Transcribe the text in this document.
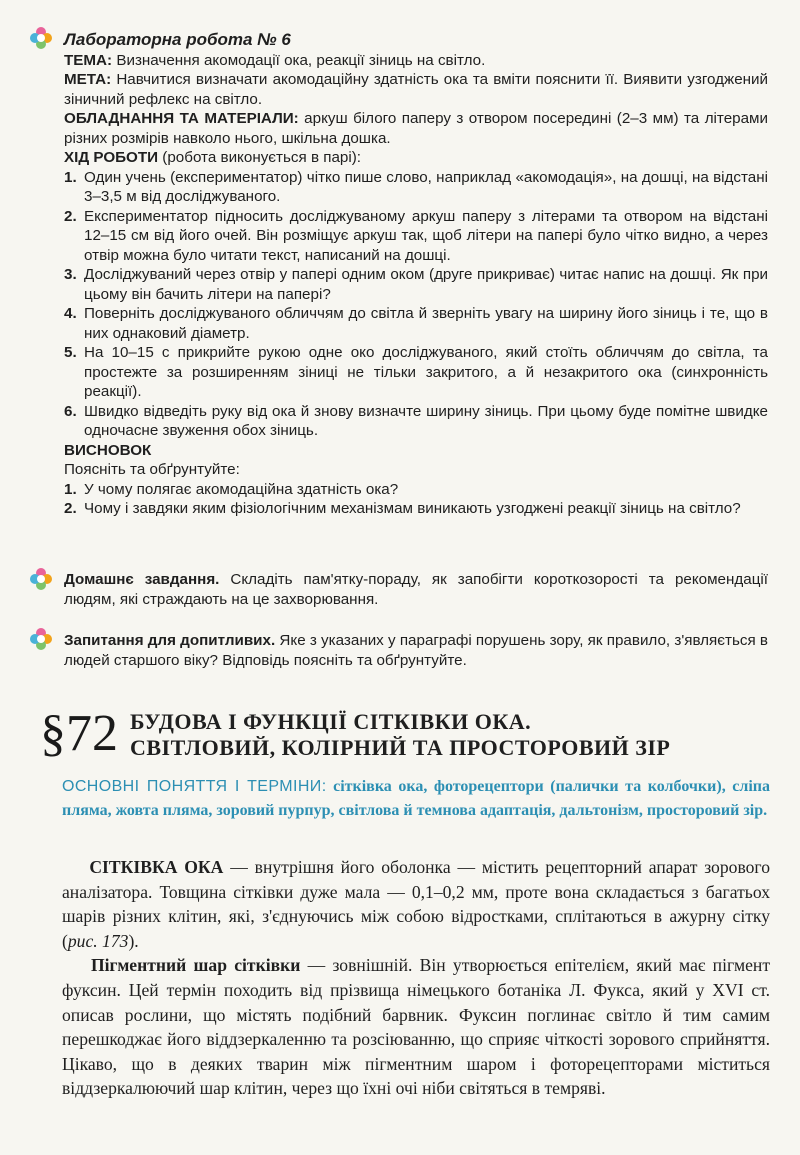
Лабораторна робота № 6

ТЕМА: Визначення акомодації ока, реакції зіниць на світло.

МЕТА: Навчитися визначати акомодаційну здатність ока та вміти пояснити її. Виявити узгоджений зіничний рефлекс на світло.

ОБЛАДНАННЯ ТА МАТЕРІАЛИ: аркуш білого паперу з отвором посередині (2–3 мм) та літерами різних розмірів навколо нього, шкільна дошка.

ХІД РОБОТИ (робота виконується в парі):

1. Один учень (експериментатор) чітко пише слово, наприклад «акомодація», на дошці, на відстані 3–3,5 м від досліджуваного.
2. Експериментатор підносить досліджуваному аркуш паперу з літерами та отвором на відстані 12–15 см від його очей. Він розміщує аркуш так, щоб літери на папері було чітко видно, а через отвір можна було читати текст, написаний на дошці.
3. Досліджуваний через отвір у папері одним оком (друге прикриває) читає напис на дошці. Як при цьому він бачить літери на папері?
4. Поверніть досліджуваного обличчям до світла й зверніть увагу на ширину його зіниць і те, що в них однаковий діаметр.
5. На 10–15 с прикрийте рукою одне око досліджуваного, який стоїть обличчям до світла, та простежте за розширенням зіниці не тільки закритого, а й незакритого ока (синхронність реакції).
6. Швидко відведіть руку від ока й знову визначте ширину зіниць. При цьому буде помітне швидке одночасне звуження обох зіниць.

ВИСНОВОК

Поясніть та обґрунтуйте:

1. У чому полягає акомодаційна здатність ока?
2. Чому і завдяки яким фізіологічним механізмам виникають узгоджені реакції зіниць на світло?
Домашнє завдання. Складіть пам'ятку-пораду, як запобігти короткозорості та рекомендації людям, які страждають на це захворювання.
Запитання для допитливих. Яке з указаних у параграфі порушень зору, як правило, з'являється в людей старшого віку? Відповідь поясніть та обґрунтуйте.
§72 БУДОВА І ФУНКЦІЇ СІТКІВКИ ОКА.
СВІТЛОВИЙ, КОЛІРНИЙ ТА ПРОСТОРОВИЙ ЗІР
ОСНОВНІ ПОНЯТТЯ І ТЕРМІНИ: сітківка ока, фоторецептори (палички та колбочки), сліпа пляма, жовта пляма, зоровий пурпур, світлова й темнова адаптація, дальтонізм, просторовий зір.

СІТКІВКА ОКА — внутрішня його оболонка — містить рецепторний апарат зорового аналізатора. Товщина сітківки дуже мала — 0,1–0,2 мм, проте вона складається з багатьох шарів різних клітин, які, з'єднуючись між собою відростками, сплітаються в ажурну сітку (рис. 173).

Пігментний шар сітківки — зовнішній. Він утворюється епітелієм, який має пігмент фуксин. Цей термін походить від прізвища німецького ботаніка Л. Фукса, який у XVI ст. описав рослини, що містять подібний барвник. Фуксин поглинає світло й тим самим перешкоджає його віддзеркаленню та розсіюванню, що сприяє чіткості зорового сприйняття. Цікаво, що в деяких тварин між пігментним шаром і фоторецепторами міститься віддзеркалюючий шар клітин, через що їхні очі ніби світяться в темряві.
